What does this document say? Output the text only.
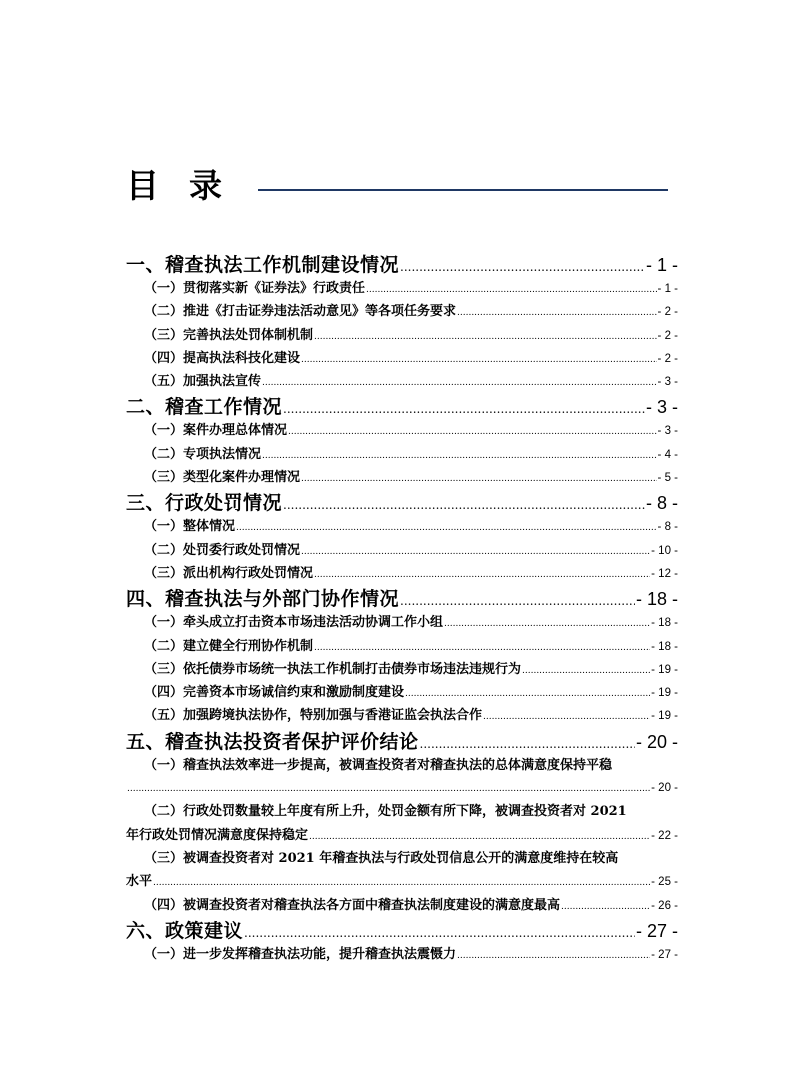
目录
一、稽查执法工作机制建设情况 .....	- 1 -
（一）贯彻落实新《证券法》行政责任 .....	- 1 -
（二）推进《打击证券违法活动意见》等各项任务要求 .....	- 2 -
（三）完善执法处罚体制机制 .....	- 2 -
（四）提高执法科技化建设 .....	- 2 -
（五）加强执法宣传 .....	- 3 -
二、稽查工作情况 .....	- 3 -
（一）案件办理总体情况 .....	- 3 -
（二）专项执法情况 .....	- 4 -
（三）类型化案件办理情况 .....	- 5 -
三、行政处罚情况 .....	- 8 -
（一）整体情况 .....	- 8 -
（二）处罚委行政处罚情况 .....	- 10 -
（三）派出机构行政处罚情况 .....	- 12 -
四、稽查执法与外部门协作情况 .....	- 18 -
（一）牵头成立打击资本市场违法活动协调工作小组 .....	- 18 -
（二）建立健全行刑协作机制 .....	- 18 -
（三）依托债券市场统一执法工作机制打击债券市场违法违规行为 .....	- 19 -
（四）完善资本市场诚信约束和激励制度建设 .....	- 19 -
（五）加强跨境执法协作，特别加强与香港证监会执法合作 .....	- 19 -
五、稽查执法投资者保护评价结论 .....	- 20 -
（一）稽查执法效率进一步提高，被调查投资者对稽查执法的总体满意度保持平稳
.....
- 20 -
（二）行政处罚数量较上年度有所上升，处罚金额有所下降，被调查投资者对 2021
年行政处罚情况满意度保持稳定 .....	- 22 -
（三）被调查投资者对 2021 年稽查执法与行政处罚信息公开的满意度维持在较高
水平 .....	- 25 -
（四）被调查投资者对稽查执法各方面中稽查执法制度建设的满意度最高 .....	- 26 -
六、政策建议 .....	- 27 -
（一）进一步发挥稽查执法功能，提升稽查执法震慑力 .....	- 27 -
